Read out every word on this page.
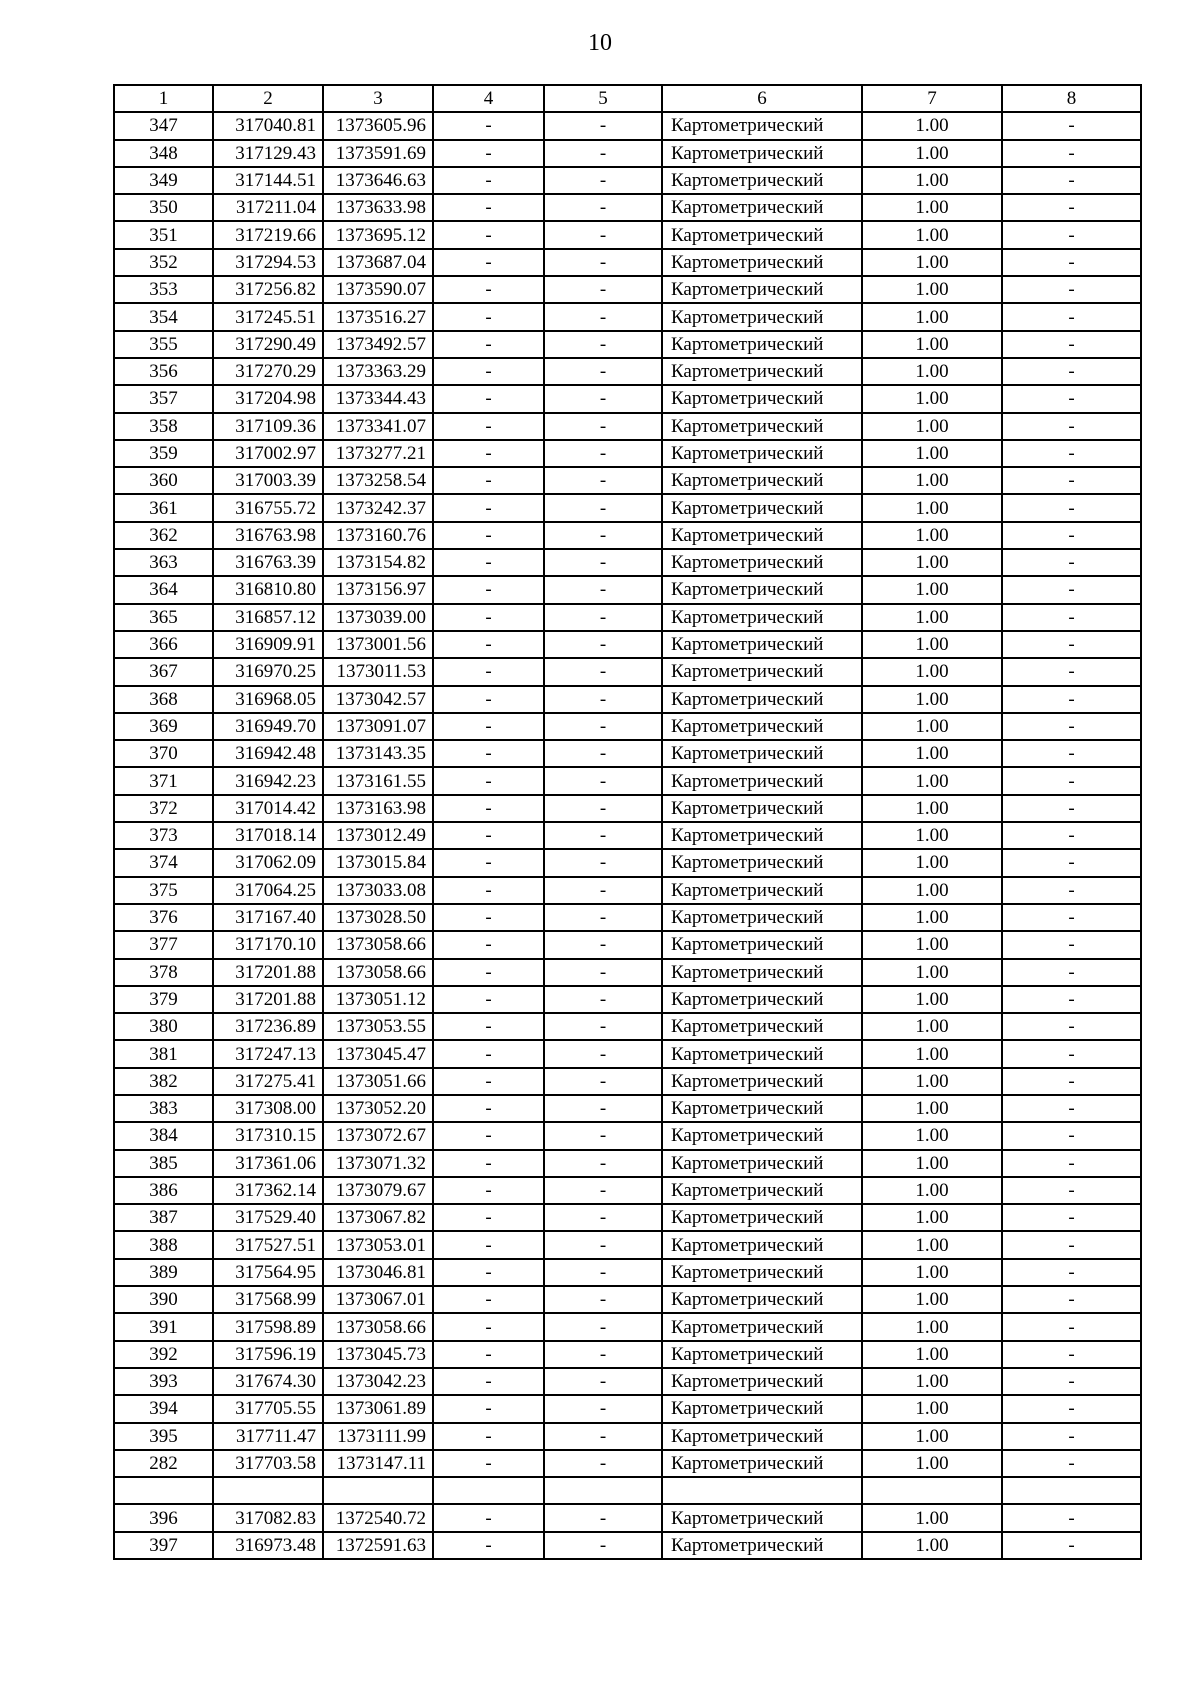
10
1	2	3	4	5	6	7	8
347	317040.81	1373605.96	-	-	Картометрический	1.00	-
348	317129.43	1373591.69	-	-	Картометрический	1.00	-
349	317144.51	1373646.63	-	-	Картометрический	1.00	-
350	317211.04	1373633.98	-	-	Картометрический	1.00	-
351	317219.66	1373695.12	-	-	Картометрический	1.00	-
352	317294.53	1373687.04	-	-	Картометрический	1.00	-
353	317256.82	1373590.07	-	-	Картометрический	1.00	-
354	317245.51	1373516.27	-	-	Картометрический	1.00	-
355	317290.49	1373492.57	-	-	Картометрический	1.00	-
356	317270.29	1373363.29	-	-	Картометрический	1.00	-
357	317204.98	1373344.43	-	-	Картометрический	1.00	-
358	317109.36	1373341.07	-	-	Картометрический	1.00	-
359	317002.97	1373277.21	-	-	Картометрический	1.00	-
360	317003.39	1373258.54	-	-	Картометрический	1.00	-
361	316755.72	1373242.37	-	-	Картометрический	1.00	-
362	316763.98	1373160.76	-	-	Картометрический	1.00	-
363	316763.39	1373154.82	-	-	Картометрический	1.00	-
364	316810.80	1373156.97	-	-	Картометрический	1.00	-
365	316857.12	1373039.00	-	-	Картометрический	1.00	-
366	316909.91	1373001.56	-	-	Картометрический	1.00	-
367	316970.25	1373011.53	-	-	Картометрический	1.00	-
368	316968.05	1373042.57	-	-	Картометрический	1.00	-
369	316949.70	1373091.07	-	-	Картометрический	1.00	-
370	316942.48	1373143.35	-	-	Картометрический	1.00	-
371	316942.23	1373161.55	-	-	Картометрический	1.00	-
372	317014.42	1373163.98	-	-	Картометрический	1.00	-
373	317018.14	1373012.49	-	-	Картометрический	1.00	-
374	317062.09	1373015.84	-	-	Картометрический	1.00	-
375	317064.25	1373033.08	-	-	Картометрический	1.00	-
376	317167.40	1373028.50	-	-	Картометрический	1.00	-
377	317170.10	1373058.66	-	-	Картометрический	1.00	-
378	317201.88	1373058.66	-	-	Картометрический	1.00	-
379	317201.88	1373051.12	-	-	Картометрический	1.00	-
380	317236.89	1373053.55	-	-	Картометрический	1.00	-
381	317247.13	1373045.47	-	-	Картометрический	1.00	-
382	317275.41	1373051.66	-	-	Картометрический	1.00	-
383	317308.00	1373052.20	-	-	Картометрический	1.00	-
384	317310.15	1373072.67	-	-	Картометрический	1.00	-
385	317361.06	1373071.32	-	-	Картометрический	1.00	-
386	317362.14	1373079.67	-	-	Картометрический	1.00	-
387	317529.40	1373067.82	-	-	Картометрический	1.00	-
388	317527.51	1373053.01	-	-	Картометрический	1.00	-
389	317564.95	1373046.81	-	-	Картометрический	1.00	-
390	317568.99	1373067.01	-	-	Картометрический	1.00	-
391	317598.89	1373058.66	-	-	Картометрический	1.00	-
392	317596.19	1373045.73	-	-	Картометрический	1.00	-
393	317674.30	1373042.23	-	-	Картометрический	1.00	-
394	317705.55	1373061.89	-	-	Картометрический	1.00	-
395	317711.47	1373111.99	-	-	Картометрический	1.00	-
282	317703.58	1373147.11	-	-	Картометрический	1.00	-

396	317082.83	1372540.72	-	-	Картометрический	1.00	-
397	316973.48	1372591.63	-	-	Картометрический	1.00	-
